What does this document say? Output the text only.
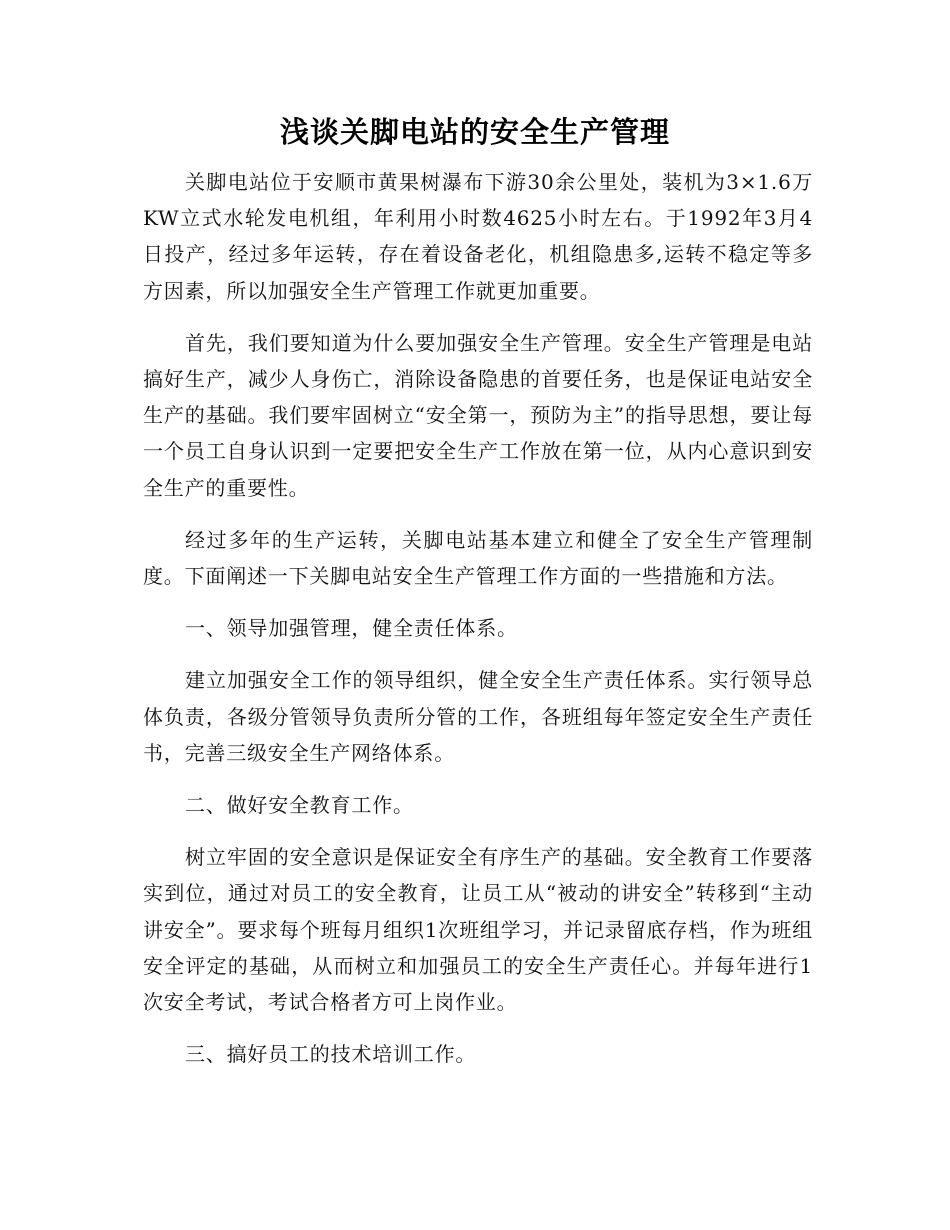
浅谈关脚电站的安全生产管理

关脚电站位于安顺市黄果树瀑布下游30余公里处，装机为3×1.6万KW立式水轮发电机组，年利用小时数4625小时左右。于1992年3月4日投产，经过多年运转，存在着设备老化，机组隐患多,运转不稳定等多方因素，所以加强安全生产管理工作就更加重要。

首先，我们要知道为什么要加强安全生产管理。安全生产管理是电站搞好生产，减少人身伤亡，消除设备隐患的首要任务，也是保证电站安全生产的基础。我们要牢固树立“安全第一，预防为主”的指导思想，要让每一个员工自身认识到一定要把安全生产工作放在第一位，从内心意识到安全生产的重要性。

经过多年的生产运转，关脚电站基本建立和健全了安全生产管理制度。下面阐述一下关脚电站安全生产管理工作方面的一些措施和方法。

一、领导加强管理，健全责任体系。

建立加强安全工作的领导组织，健全安全生产责任体系。实行领导总体负责，各级分管领导负责所分管的工作，各班组每年签定安全生产责任书，完善三级安全生产网络体系。

二、做好安全教育工作。

树立牢固的安全意识是保证安全有序生产的基础。安全教育工作要落实到位，通过对员工的安全教育，让员工从“被动的讲安全”转移到“主动讲安全”。要求每个班每月组织1次班组学习，并记录留底存档，作为班组安全评定的基础，从而树立和加强员工的安全生产责任心。并每年进行1次安全考试，考试合格者方可上岗作业。

三、搞好员工的技术培训工作。
